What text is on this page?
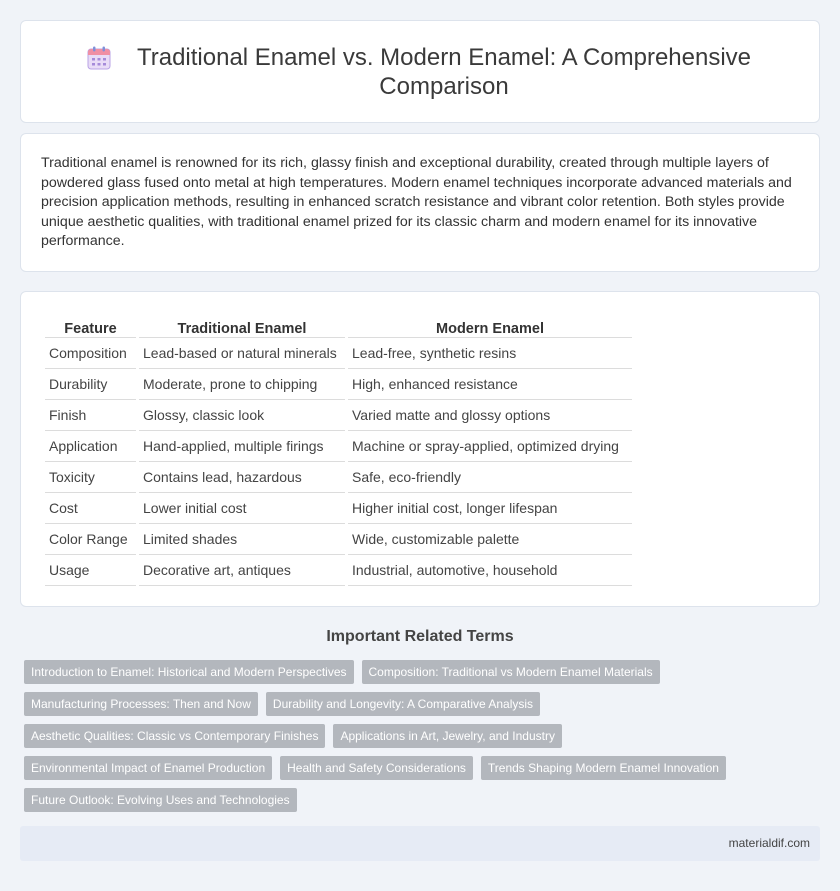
Traditional Enamel vs. Modern Enamel: A Comprehensive Comparison

Traditional enamel is renowned for its rich, glassy finish and exceptional durability, created through multiple layers of powdered glass fused onto metal at high temperatures. Modern enamel techniques incorporate advanced materials and precision application methods, resulting in enhanced scratch resistance and vibrant color retention. Both styles provide unique aesthetic qualities, with traditional enamel prized for its classic charm and modern enamel for its innovative performance.

Feature	Traditional Enamel	Modern Enamel
Composition	Lead-based or natural minerals	Lead-free, synthetic resins
Durability	Moderate, prone to chipping	High, enhanced resistance
Finish	Glossy, classic look	Varied matte and glossy options
Application	Hand-applied, multiple firings	Machine or spray-applied, optimized drying
Toxicity	Contains lead, hazardous	Safe, eco-friendly
Cost	Lower initial cost	Higher initial cost, longer lifespan
Color Range	Limited shades	Wide, customizable palette
Usage	Decorative art, antiques	Industrial, automotive, household
Important Related Terms
Introduction to Enamel: Historical and Modern Perspectives	Composition: Traditional vs Modern Enamel Materials
Manufacturing Processes: Then and Now	Durability and Longevity: A Comparative Analysis
Aesthetic Qualities: Classic vs Contemporary Finishes	Applications in Art, Jewelry, and Industry
Environmental Impact of Enamel Production	Health and Safety Considerations	Trends Shaping Modern Enamel Innovation
Future Outlook: Evolving Uses and Technologies
materialdif.com
